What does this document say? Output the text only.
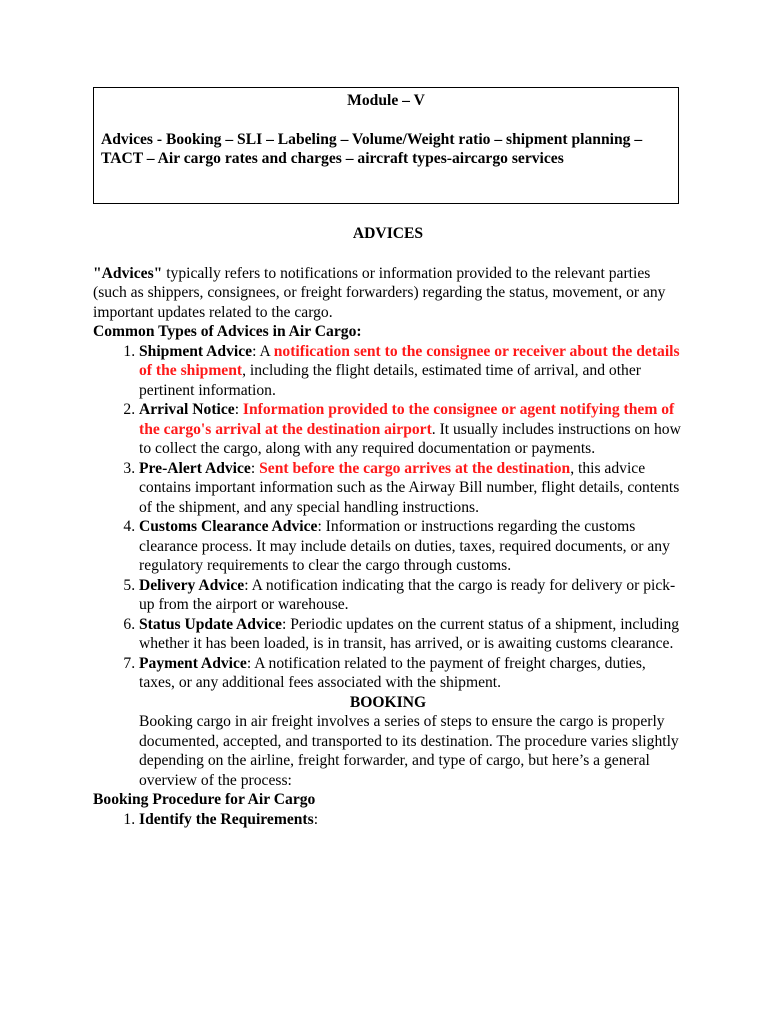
Module – V
Advices - Booking – SLI – Labeling – Volume/Weight ratio – shipment planning – TACT – Air cargo rates and charges – aircraft types-aircargo services
ADVICES

"Advices" typically refers to notifications or information provided to the relevant parties (such as shippers, consignees, or freight forwarders) regarding the status, movement, or any important updates related to the cargo.

Common Types of Advices in Air Cargo:
1. Shipment Advice: A notification sent to the consignee or receiver about the details of the shipment, including the flight details, estimated time of arrival, and other pertinent information.
2. Arrival Notice: Information provided to the consignee or agent notifying them of the cargo's arrival at the destination airport. It usually includes instructions on how to collect the cargo, along with any required documentation or payments.
3. Pre-Alert Advice: Sent before the cargo arrives at the destination, this advice contains important information such as the Airway Bill number, flight details, contents of the shipment, and any special handling instructions.
4. Customs Clearance Advice: Information or instructions regarding the customs clearance process. It may include details on duties, taxes, required documents, or any regulatory requirements to clear the cargo through customs.
5. Delivery Advice: A notification indicating that the cargo is ready for delivery or pick-up from the airport or warehouse.
6. Status Update Advice: Periodic updates on the current status of a shipment, including whether it has been loaded, is in transit, has arrived, or is awaiting customs clearance.
7. Payment Advice: A notification related to the payment of freight charges, duties, taxes, or any additional fees associated with the shipment.
BOOKING

Booking cargo in air freight involves a series of steps to ensure the cargo is properly documented, accepted, and transported to its destination. The procedure varies slightly depending on the airline, freight forwarder, and type of cargo, but here’s a general overview of the process:

Booking Procedure for Air Cargo
1. Identify the Requirements:
